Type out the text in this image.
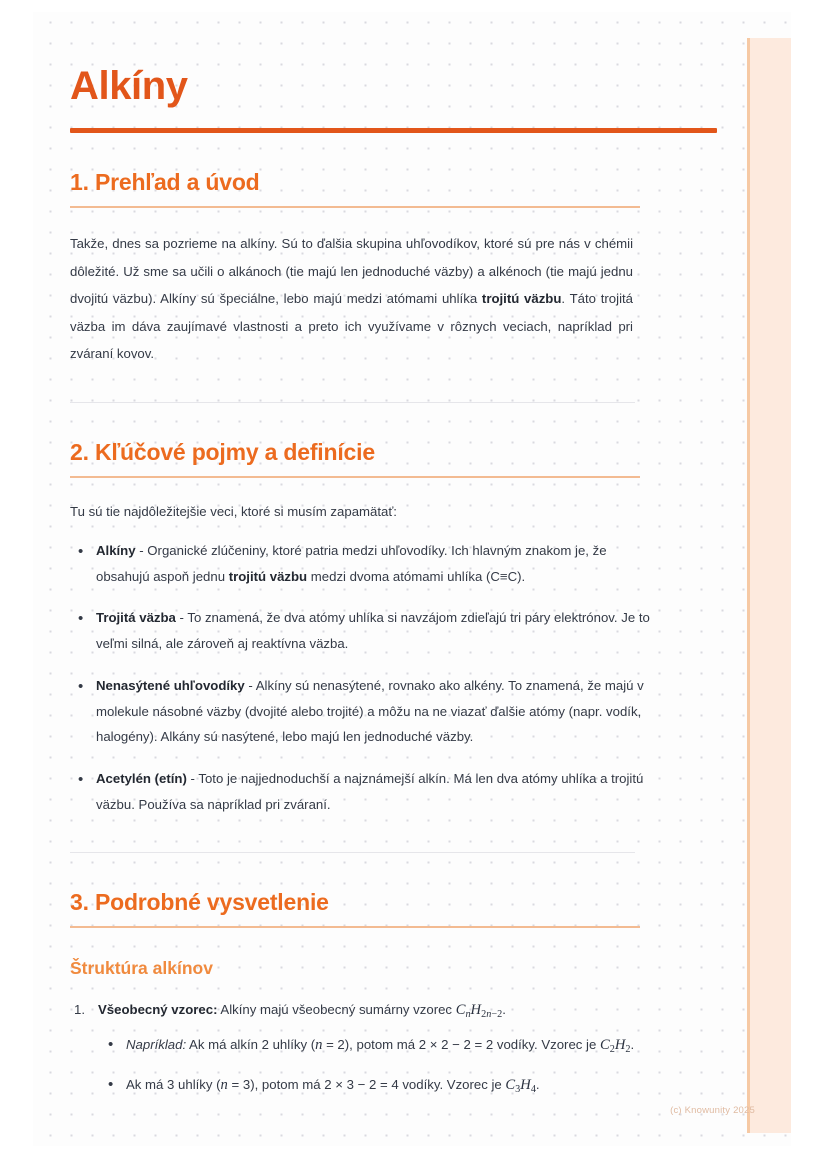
Alkíny
1. Prehľad a úvod

Takže, dnes sa pozrieme na alkíny. Sú to ďalšia skupina uhľovodíkov, ktoré sú pre nás v chémii dôležité. Už sme sa učili o alkánoch (tie majú len jednoduché väzby) a alkénoch (tie majú jednu dvojitú väzbu). Alkíny sú špeciálne, lebo majú medzi atómami uhlíka trojitú väzbu. Táto trojitá väzba im dáva zaujímavé vlastnosti a preto ich využívame v rôznych veciach, napríklad pri zváraní kovov.

2. Kľúčové pojmy a definície

Tu sú tie najdôležitejšie veci, ktoré si musím zapamätať:

• Alkíny - Organické zlúčeniny, ktoré patria medzi uhľovodíky. Ich hlavným znakom je, že obsahujú aspoň jednu trojitú väzbu medzi dvoma atómami uhlíka (C≡C).
• Trojitá väzba - To znamená, že dva atómy uhlíka si navzájom zdieľajú tri páry elektrónov. Je to veľmi silná, ale zároveň aj reaktívna väzba.
• Nenasýtené uhľovodíky - Alkíny sú nenasýtené, rovnako ako alkény. To znamená, že majú v molekule násobné väzby (dvojité alebo trojité) a môžu na ne viazať ďalšie atómy (napr. vodík, halogény). Alkány sú nasýtené, lebo majú len jednoduché väzby.
• Acetylén (etín) - Toto je najjednoduchší a najznámejší alkín. Má len dva atómy uhlíka a trojitú väzbu. Používa sa napríklad pri zváraní.
3. Podrobné vysvetlenie
Štruktúra alkínov
Všeobecný vzorec: Alkíny majú všeobecný sumárny vzorec $C_nH_{2n-2}$.
• Napríklad: Ak má alkín 2 uhlíky (n = 2), potom má 2 × 2 − 2 = 2 vodíky. Vzorec je $C_2H_2$.
• Ak má 3 uhlíky (n = 3), potom má 2 × 3 − 2 = 4 vodíky. Vzorec je $C_3H_4$.
(c) Knowunity 2025
